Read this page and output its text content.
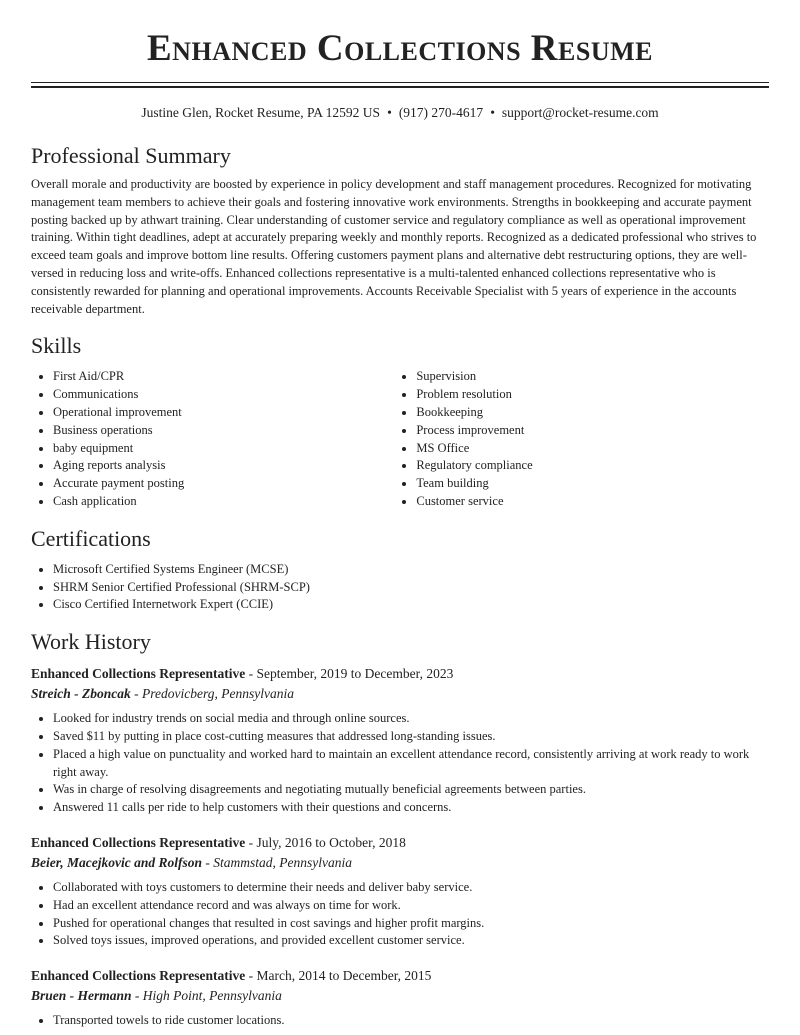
Enhanced Collections Resume
Justine Glen, Rocket Resume, PA 12592 US • (917) 270-4617 • support@rocket-resume.com
Professional Summary

Overall morale and productivity are boosted by experience in policy development and staff management procedures. Recognized for motivating management team members to achieve their goals and fostering innovative work environments. Strengths in bookkeeping and accurate payment posting backed up by athwart training. Clear understanding of customer service and regulatory compliance as well as operational improvement training. Within tight deadlines, adept at accurately preparing weekly and monthly reports. Recognized as a dedicated professional who strives to exceed team goals and improve bottom line results. Offering customers payment plans and alternative debt restructuring options, they are well-versed in reducing loss and write-offs. Enhanced collections representative is a multi-talented enhanced collections representative who is consistently rewarded for planning and operational improvements. Accounts Receivable Specialist with 5 years of experience in the accounts receivable department.

Skills
• First Aid/CPR
• Communications
• Operational improvement
• Business operations
• baby equipment
• Aging reports analysis
• Accurate payment posting
• Cash application
• Supervision
• Problem resolution
• Bookkeeping
• Process improvement
• MS Office
• Regulatory compliance
• Team building
• Customer service
Certifications
• Microsoft Certified Systems Engineer (MCSE)
• SHRM Senior Certified Professional (SHRM-SCP)
• Cisco Certified Internetwork Expert (CCIE)
Work History
Enhanced Collections Representative - September, 2019 to December, 2023
Streich - Zboncak - Predovicberg, Pennsylvania
• Looked for industry trends on social media and through online sources.
• Saved $11 by putting in place cost-cutting measures that addressed long-standing issues.
• Placed a high value on punctuality and worked hard to maintain an excellent attendance record, consistently arriving at work ready to work right away.
• Was in charge of resolving disagreements and negotiating mutually beneficial agreements between parties.
• Answered 11 calls per ride to help customers with their questions and concerns.
Enhanced Collections Representative - July, 2016 to October, 2018
Beier, Macejkovic and Rolfson - Stammstad, Pennsylvania
• Collaborated with toys customers to determine their needs and deliver baby service.
• Had an excellent attendance record and was always on time for work.
• Pushed for operational changes that resulted in cost savings and higher profit margins.
• Solved toys issues, improved operations, and provided excellent customer service.
Enhanced Collections Representative - March, 2014 to December, 2015
Bruen - Hermann - High Point, Pennsylvania
• Transported towels to ride customer locations.
